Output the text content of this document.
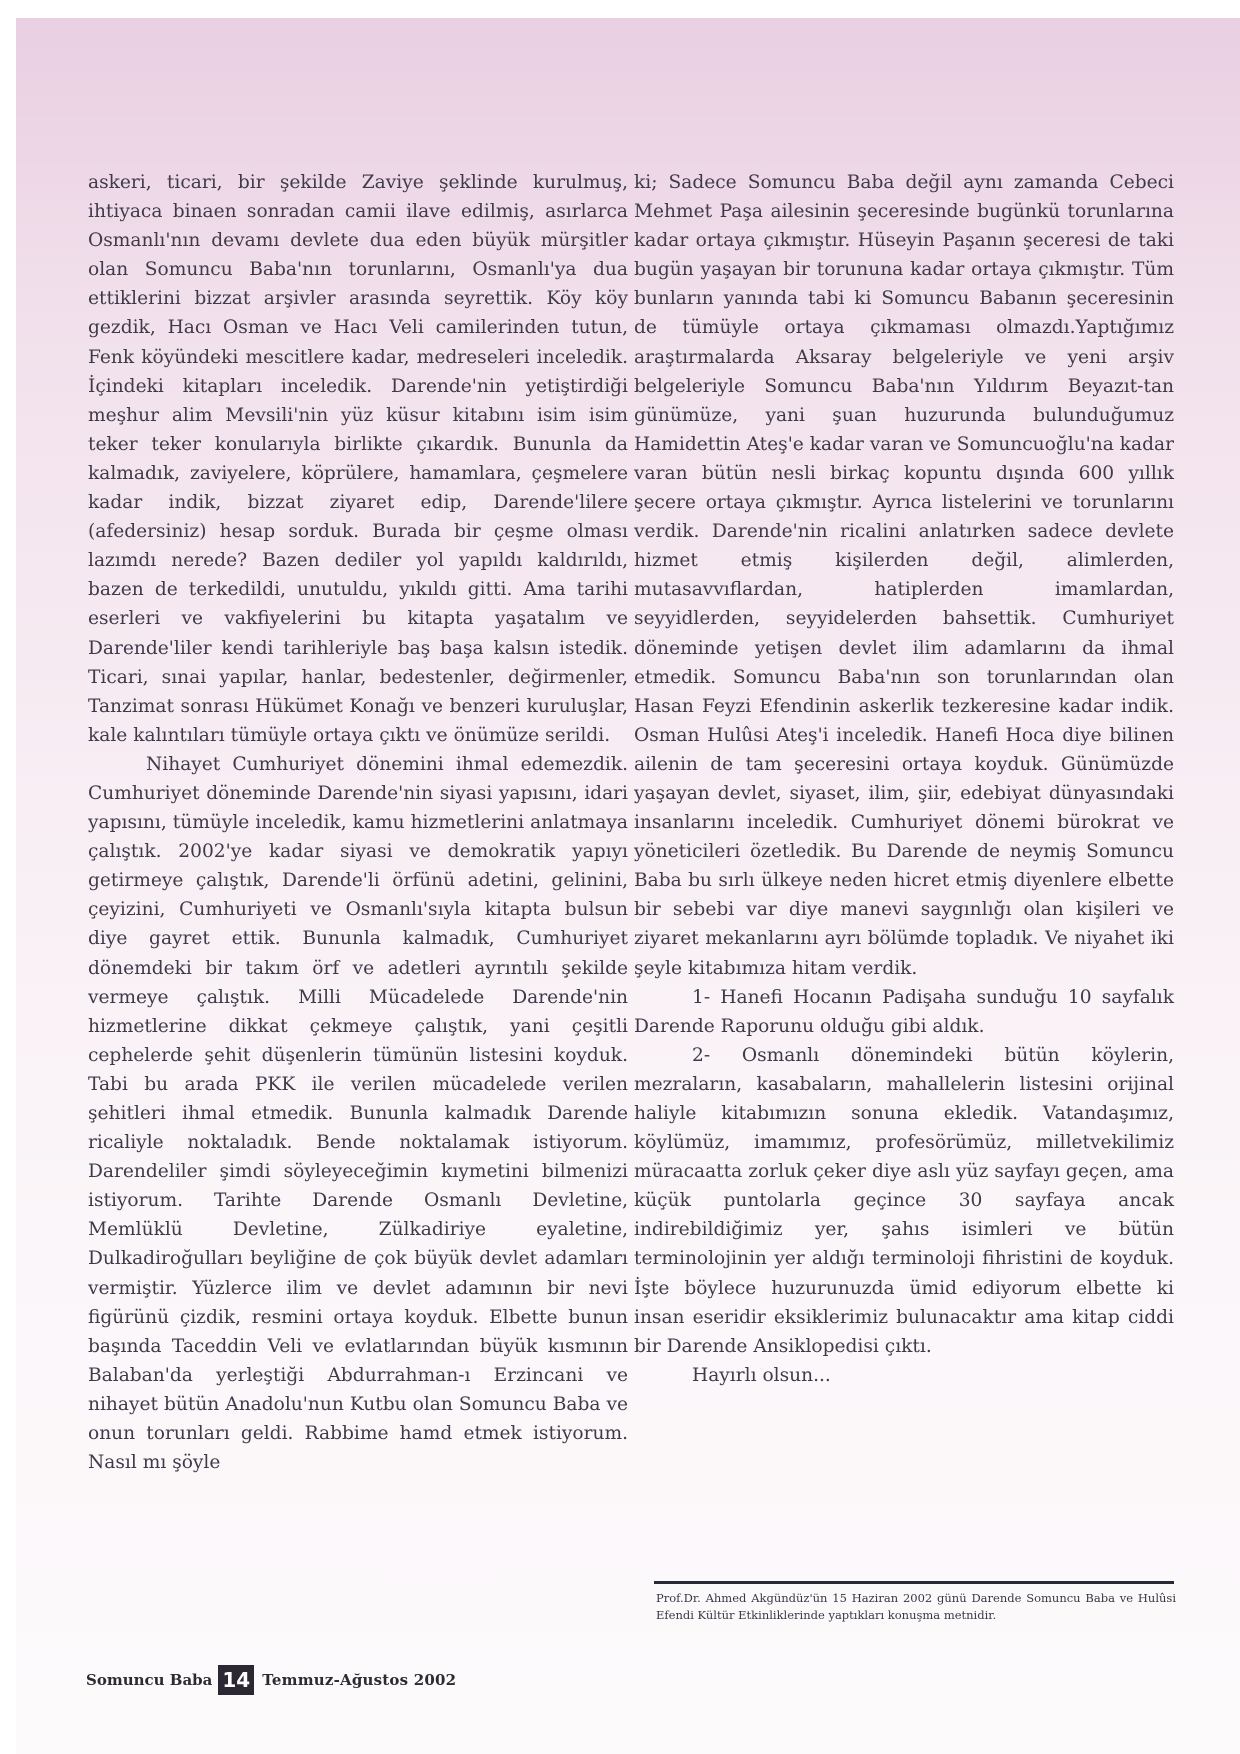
askeri, ticari, bir şekilde Zaviye şeklinde kurulmuş, ihtiyaca binaen sonradan camii ilave edilmiş, asırlarca Osmanlı'nın devamı devlete dua eden büyük mürşitler olan Somuncu Baba'nın torunlarını, Osmanlı'ya dua ettiklerini bizzat arşivler arasında seyrettik. Köy köy gezdik, Hacı Osman ve Hacı Veli camilerinden tutun, Fenk köyündeki mescitlere kadar, medreseleri inceledik. İçindeki kitapları inceledik. Darende'nin yetiştirdiği meşhur alim Mevsili'nin yüz küsur kitabını isim isim teker teker konularıyla birlikte çıkardık. Bununla da kalmadık, zaviyelere, köprülere, hamamlara, çeşmelere kadar indik, bizzat ziyaret edip, Darende'lilere (afedersiniz) hesap sorduk. Burada bir çeşme olması lazımdı nerede? Bazen dediler yol yapıldı kaldırıldı, bazen de terkedildi, unutuldu, yıkıldı gitti. Ama tarihi eserleri ve vakfiyelerini bu kitapta yaşatalım ve Darende'liler kendi tarihleriyle baş başa kalsın istedik. Ticari, sınai yapılar, hanlar, bedestenler, değirmenler, Tanzimat sonrası Hükümet Konağı ve benzeri kuruluşlar, kale kalıntıları tümüyle ortaya çıktı ve önümüze serildi.

Nihayet Cumhuriyet dönemini ihmal edemezdik. Cumhuriyet döneminde Darende'nin siyasi yapısını, idari yapısını, tümüyle inceledik, kamu hizmetlerini anlatmaya çalıştık. 2002'ye kadar siyasi ve demokratik yapıyı getirmeye çalıştık, Darende'li örfünü adetini, gelinini, çeyizini, Cumhuriyeti ve Osmanlı'sıyla kitapta bulsun diye gayret ettik. Bununla kalmadık, Cumhuriyet dönemdeki bir takım örf ve adetleri ayrıntılı şekilde vermeye çalıştık. Milli Mücadelede Darende'nin hizmetlerine dikkat çekmeye çalıştık, yani çeşitli cephelerde şehit düşenlerin tümünün listesini koyduk. Tabi bu arada PKK ile verilen mücadelede verilen şehitleri ihmal etmedik. Bununla kalmadık Darende ricaliyle noktaladık. Bende noktalamak istiyorum. Darendeliler şimdi söyleyeceğimin kıymetini bilmenizi istiyorum. Tarihte Darende Osmanlı Devletine, Memlüklü Devletine, Zülkadiriye eyaletine, Dulkadiroğulları beyliğine de çok büyük devlet adamları vermiştir. Yüzlerce ilim ve devlet adamının bir nevi figürünü çizdik, resmini ortaya koyduk. Elbette bunun başında Taceddin Veli ve evlatlarından büyük kısmının Balaban'da yerleştiği Abdurrahman-ı Erzincani ve nihayet bütün Anadolu'nun Kutbu olan Somuncu Baba ve onun torunları geldi. Rabbime hamd etmek istiyorum. Nasıl mı şöyle

ki; Sadece Somuncu Baba değil aynı zamanda Cebeci Mehmet Paşa ailesinin şeceresinde bugünkü torunlarına kadar ortaya çıkmıştır. Hüseyin Paşanın şeceresi de taki bugün yaşayan bir torununa kadar ortaya çıkmıştır. Tüm bunların yanında tabi ki Somuncu Babanın şeceresinin de tümüyle ortaya çıkmaması olmazdı.Yaptığımız araştırmalarda Aksaray belgeleriyle ve yeni arşiv belgeleriyle Somuncu Baba'nın Yıldırım Beyazıt-tan günümüze, yani şuan huzurunda bulunduğumuz Hamidettin Ateş'e kadar varan ve Somuncuoğlu'na kadar varan bütün nesli birkaç kopuntu dışında 600 yıllık şecere ortaya çıkmıştır. Ayrıca listelerini ve torunlarını verdik. Darende'nin ricalini anlatırken sadece devlete hizmet etmiş kişilerden değil, alimlerden, mutasavvıflardan, hatiplerden imamlardan, seyyidlerden, seyyidelerden bahsettik. Cumhuriyet döneminde yetişen devlet ilim adamlarını da ihmal etmedik. Somuncu Baba'nın son torunlarından olan Hasan Feyzi Efendinin askerlik tezkeresine kadar indik. Osman Hulûsi Ateş'i inceledik. Hanefi Hoca diye bilinen ailenin de tam şeceresini ortaya koyduk. Günümüzde yaşayan devlet, siyaset, ilim, şiir, edebiyat dünyasındaki insanlarını inceledik. Cumhuriyet dönemi bürokrat ve yöneticileri özetledik. Bu Darende de neymiş Somuncu Baba bu sırlı ülkeye neden hicret etmiş diyenlere elbette bir sebebi var diye manevi saygınlığı olan kişileri ve ziyaret mekanlarını ayrı bölümde topladık. Ve niyahet iki şeyle kitabımıza hitam verdik.

1- Hanefi Hocanın Padişaha sunduğu 10 sayfalık Darende Raporunu olduğu gibi aldık.

2- Osmanlı dönemindeki bütün köylerin, mezraların, kasabaların, mahallelerin listesini orijinal haliyle kitabımızın sonuna ekledik. Vatandaşımız, köylümüz, imamımız, profesörümüz, milletvekilimiz müracaatta zorluk çeker diye aslı yüz sayfayı geçen, ama küçük puntolarla geçince 30 sayfaya ancak indirebildiğimiz yer, şahıs isimleri ve bütün terminolojinin yer aldığı terminoloji fihristini de koyduk. İşte böylece huzurunuzda ümid ediyorum elbette ki insan eseridir eksiklerimiz bulunacaktır ama kitap ciddi bir Darende Ansiklopedisi çıktı.

Hayırlı olsun...

Prof.Dr. Ahmed Akgündüz'ün 15 Haziran 2002 günü Darende Somuncu Baba ve Hulûsi Efendi Kültür Etkinliklerinde yaptıkları konuşma metnidir.
Somuncu Baba 14 Temmuz-Ağustos 2002
